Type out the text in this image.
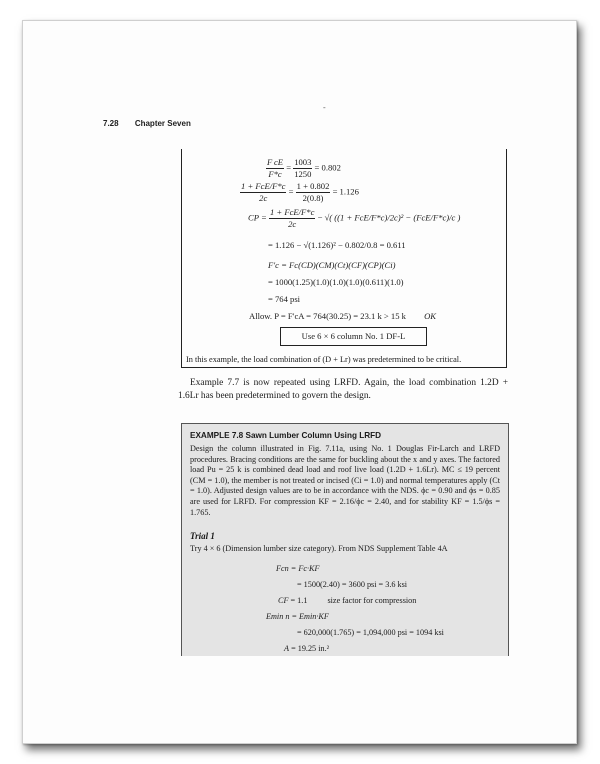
-
7.28 Chapter Seven
$\frac{\text{F cE}}{F*c} = \frac{1003}{1250} = 0.802$
$\frac{\text{1 + FcE/F*c}}{2c} = \frac{1 + 0.802}{2(0.8)} = 1.126$
CP = $\frac{\text{1 + FcE/F*c}}{2c}$ − √( ((1 + FcE/F*c)/2c)² − (FcE/F*c)/c )
= 1.126 − √(1.126)² − 0.802/0.8 = 0.611
F′c = Fc(CD)(CM)(Ct)(CF)(CP)(Ci)
= 1000(1.25)(1.0)(1.0)(1.0)(0.611)(1.0)
= 764 psi
Allow. P = F′cA = 764(30.25) = 23.1 k > 15 k OK
Use 6 × 6 column No. 1 DF-L
In this example, the load combination of (D + Lr) was predetermined to be critical.

Example 7.7 is now repeated using LRFD. Again, the load combination 1.2D + 1.6Lr has been predetermined to govern the design.

EXAMPLE 7.8 Sawn Lumber Column Using LRFD
Design the column illustrated in Fig. 7.11a, using No. 1 Douglas Fir-Larch and LRFD procedures. Bracing conditions are the same for buckling about the x and y axes. The factored load Pu = 25 k is combined dead load and roof live load (1.2D + 1.6Lr). MC ≤ 19 percent (CM = 1.0), the member is not treated or incised (Ci = 1.0) and normal temperatures apply (Ct = 1.0). Adjusted design values are to be in accordance with the NDS. ϕc = 0.90 and ϕs = 0.85 are used for LRFD. For compression KF = 2.16/ϕc = 2.40, and for stability KF = 1.5/ϕs = 1.765.
Trial 1
Try 4 × 6 (Dimension lumber size category). From NDS Supplement Table 4A
Fcn = Fc·KF
= 1500(2.40) = 3600 psi = 3.6 ksi
CF = 1.1 size factor for compression
Emin n = Emin·KF
= 620,000(1.765) = 1,094,000 psi = 1094 ksi
A = 19.25 in.²
